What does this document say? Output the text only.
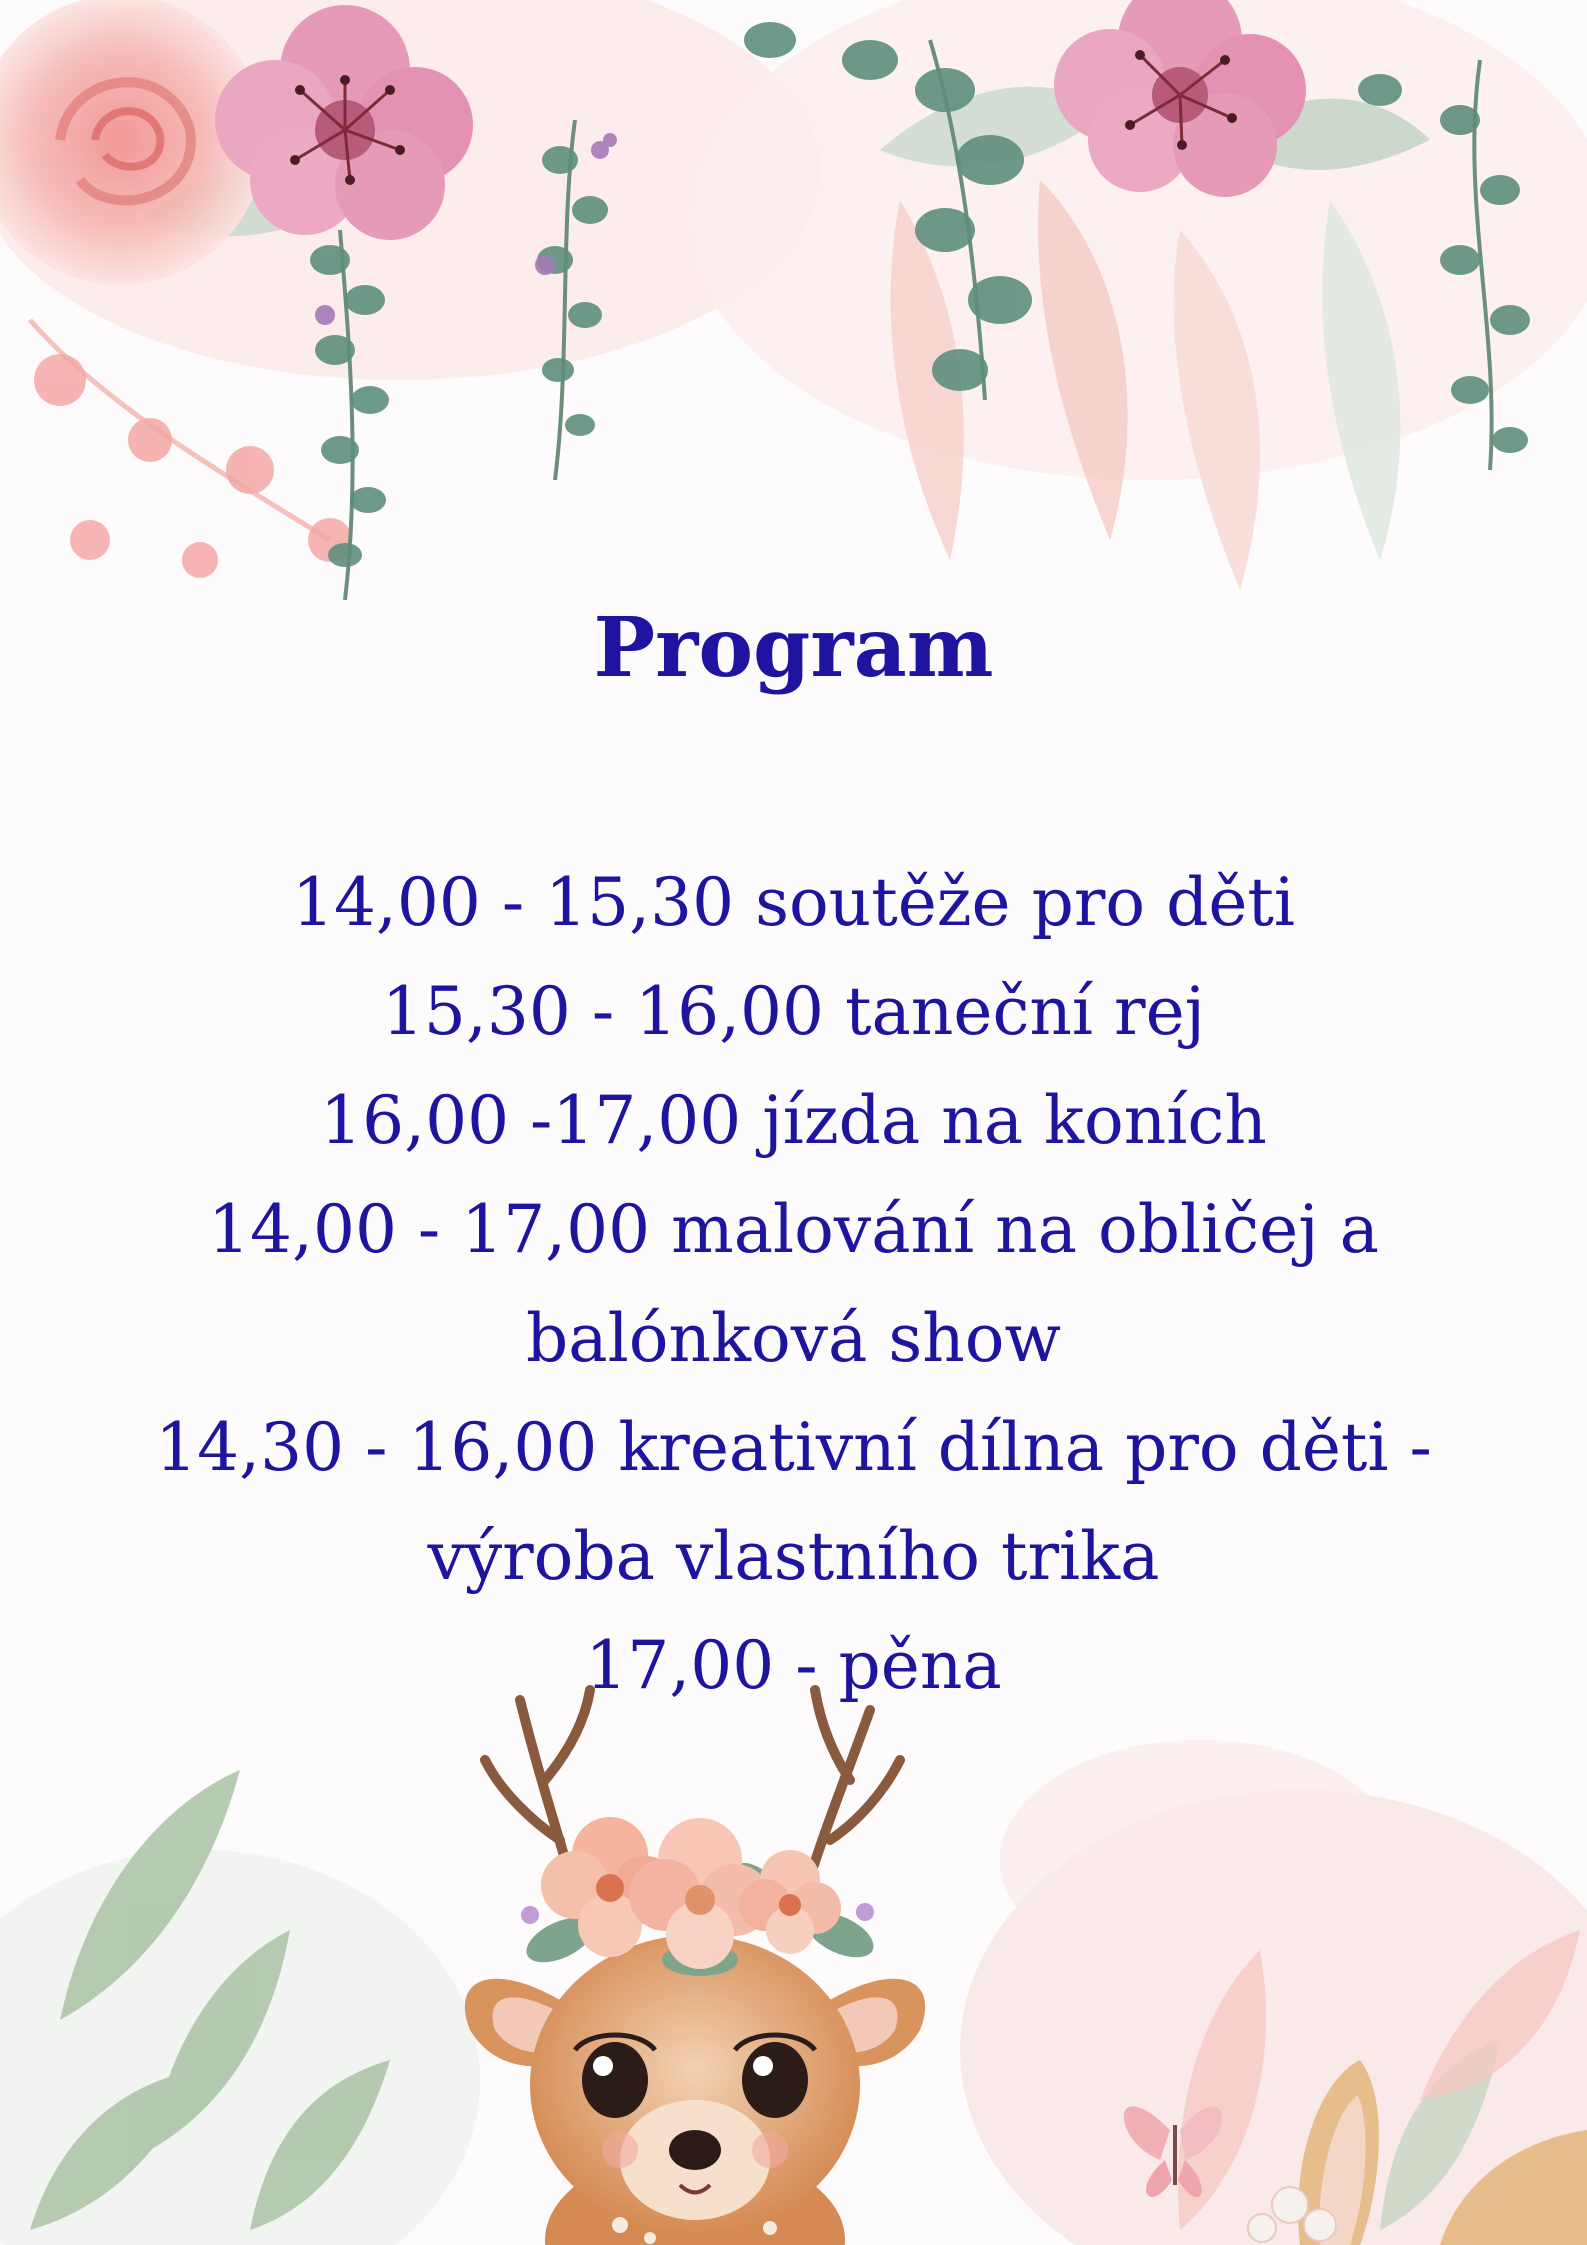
Program
14,00 - 15,30 soutěže pro děti
15,30 - 16,00 taneční rej
16,00 -17,00 jízda na koních
14,00 - 17,00 malování na obličej a
balónková show
14,30 - 16,00 kreativní dílna pro děti -
výroba vlastního trika
17,00 - pěna
